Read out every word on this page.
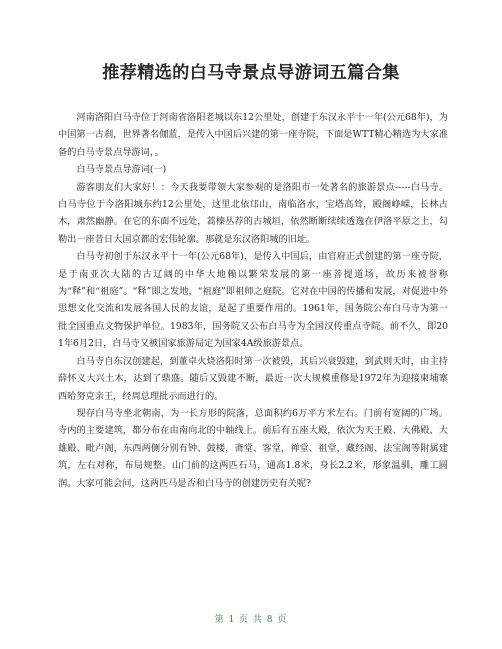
推荐精选的白马寺景点导游词五篇合集

河南洛阳白马寺位于河南省洛阳老城以东12公里处，创建于东汉永平十一年(公元68年)，为中国第一古刹，世界著名伽蓝，是传入中国后兴建的第一座寺院，下面是WTT精心精选为大家准备的白马寺景点导游词，。

白马寺景点导游词(一)

游客朋友们大家好！：今天我要带领大家参观的是洛阳市一处著名的旅游景点-----白马寺。白马寺位于今洛阳城东约12公里处，这里北依邙山，南临洛水，宝塔高耸，殿阁峥嵘，长林古木，肃然幽静。在它的东面不远处，蒿榛丛荐的古城垣，依然断断续续透逸在伊洛平原之上，勾勒出一座昔日大国京都的宏伟轮廓。那就是东汉洛阳城的旧址。

白马寺初创于东汉永平十一年(公元68年)，是传入中国后，由官府正式创建的第一座寺院，是于南亚次大陆的古辽阔的中华大地赖以繁荣发展的第一座菩提道场，故历来被誉称为“释”和“祖庭”。“释”即之发地，“祖庭”即祖师之庭院。它对在中国的传播和发展，对促进中外思想文化交流和发展各国人民的友谊，是起了重要作用的。1961年，国务院公布白马寺为第一批全国重点文物保护单位。1983年，国务院又公布白马寺为全国汉传重点寺院。前不久，即201年6月2日，白马寺又被国家旅游局定为国家4A级旅游景点。

白马寺自东汉创建起，到董卓火烧洛阳时第一次被毁，其后兴衰毁建，到武则天时，由主持薛怀义大兴土木，达到了鼎盛。随后又毁建不断，最近一次大规模重修是1972年为迎接柬埔寨西哈努克亲王，经周总理批示而进行的。

现存白马寺坐北朝南，为一长方形的院落，总面积约6万平方米左右。门前有宽阔的广场。寺内的主要建筑，都分布在由南向北的中轴线上。前后有五座大殿，依次为天王殿、大佛殿、大雄殿、毗卢阁，东西两侧分别有钟、鼓楼，斋堂、客堂，禅堂、祖堂，藏经阁、法宝阁等附属建筑，左右对称，布局规整。山门前的这两匹石马，通高1.8米，身长2.2米，形象温驯，雕工圆润。大家可能会问，这两匹马是否和白马寺的创建历史有关呢?

第 1 页 共 8 页
